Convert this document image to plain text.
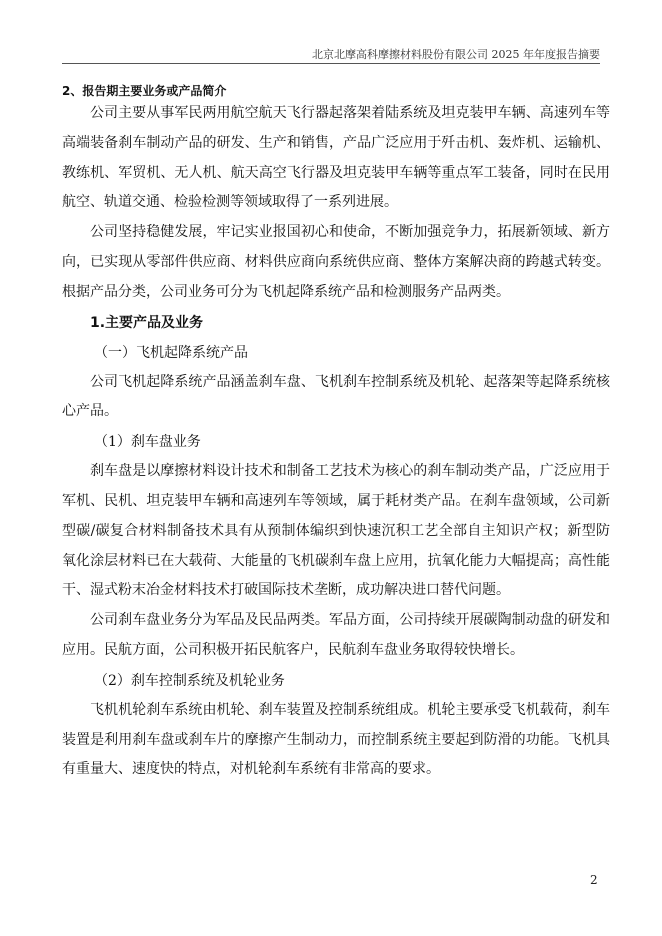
北京北摩高科摩擦材料股份有限公司 2025 年年度报告摘要
2、报告期主要业务或产品简介

公司主要从事军民两用航空航天飞行器起落架着陆系统及坦克装甲车辆、高速列车等高端装备刹车制动产品的研发、生产和销售，产品广泛应用于歼击机、轰炸机、运输机、教练机、军贸机、无人机、航天高空飞行器及坦克装甲车辆等重点军工装备，同时在民用航空、轨道交通、检验检测等领域取得了一系列进展。

公司坚持稳健发展，牢记实业报国初心和使命，不断加强竞争力，拓展新领域、新方向，已实现从零部件供应商、材料供应商向系统供应商、整体方案解决商的跨越式转变。根据产品分类，公司业务可分为飞机起降系统产品和检测服务产品两类。

1.主要产品及业务
（一）飞机起降系统产品

公司飞机起降系统产品涵盖刹车盘、飞机刹车控制系统及机轮、起落架等起降系统核心产品。

（1）刹车盘业务

刹车盘是以摩擦材料设计技术和制备工艺技术为核心的刹车制动类产品，广泛应用于军机、民机、坦克装甲车辆和高速列车等领域，属于耗材类产品。在刹车盘领域，公司新型碳/碳复合材料制备技术具有从预制体编织到快速沉积工艺全部自主知识产权；新型防氧化涂层材料已在大载荷、大能量的飞机碳刹车盘上应用，抗氧化能力大幅提高；高性能干、湿式粉末冶金材料技术打破国际技术垄断，成功解决进口替代问题。

公司刹车盘业务分为军品及民品两类。军品方面，公司持续开展碳陶制动盘的研发和应用。民航方面，公司积极开拓民航客户，民航刹车盘业务取得较快增长。

（2）刹车控制系统及机轮业务

飞机机轮刹车系统由机轮、刹车装置及控制系统组成。机轮主要承受飞机载荷，刹车装置是利用刹车盘或刹车片的摩擦产生制动力，而控制系统主要起到防滑的功能。飞机具有重量大、速度快的特点，对机轮刹车系统有非常高的要求。

2
